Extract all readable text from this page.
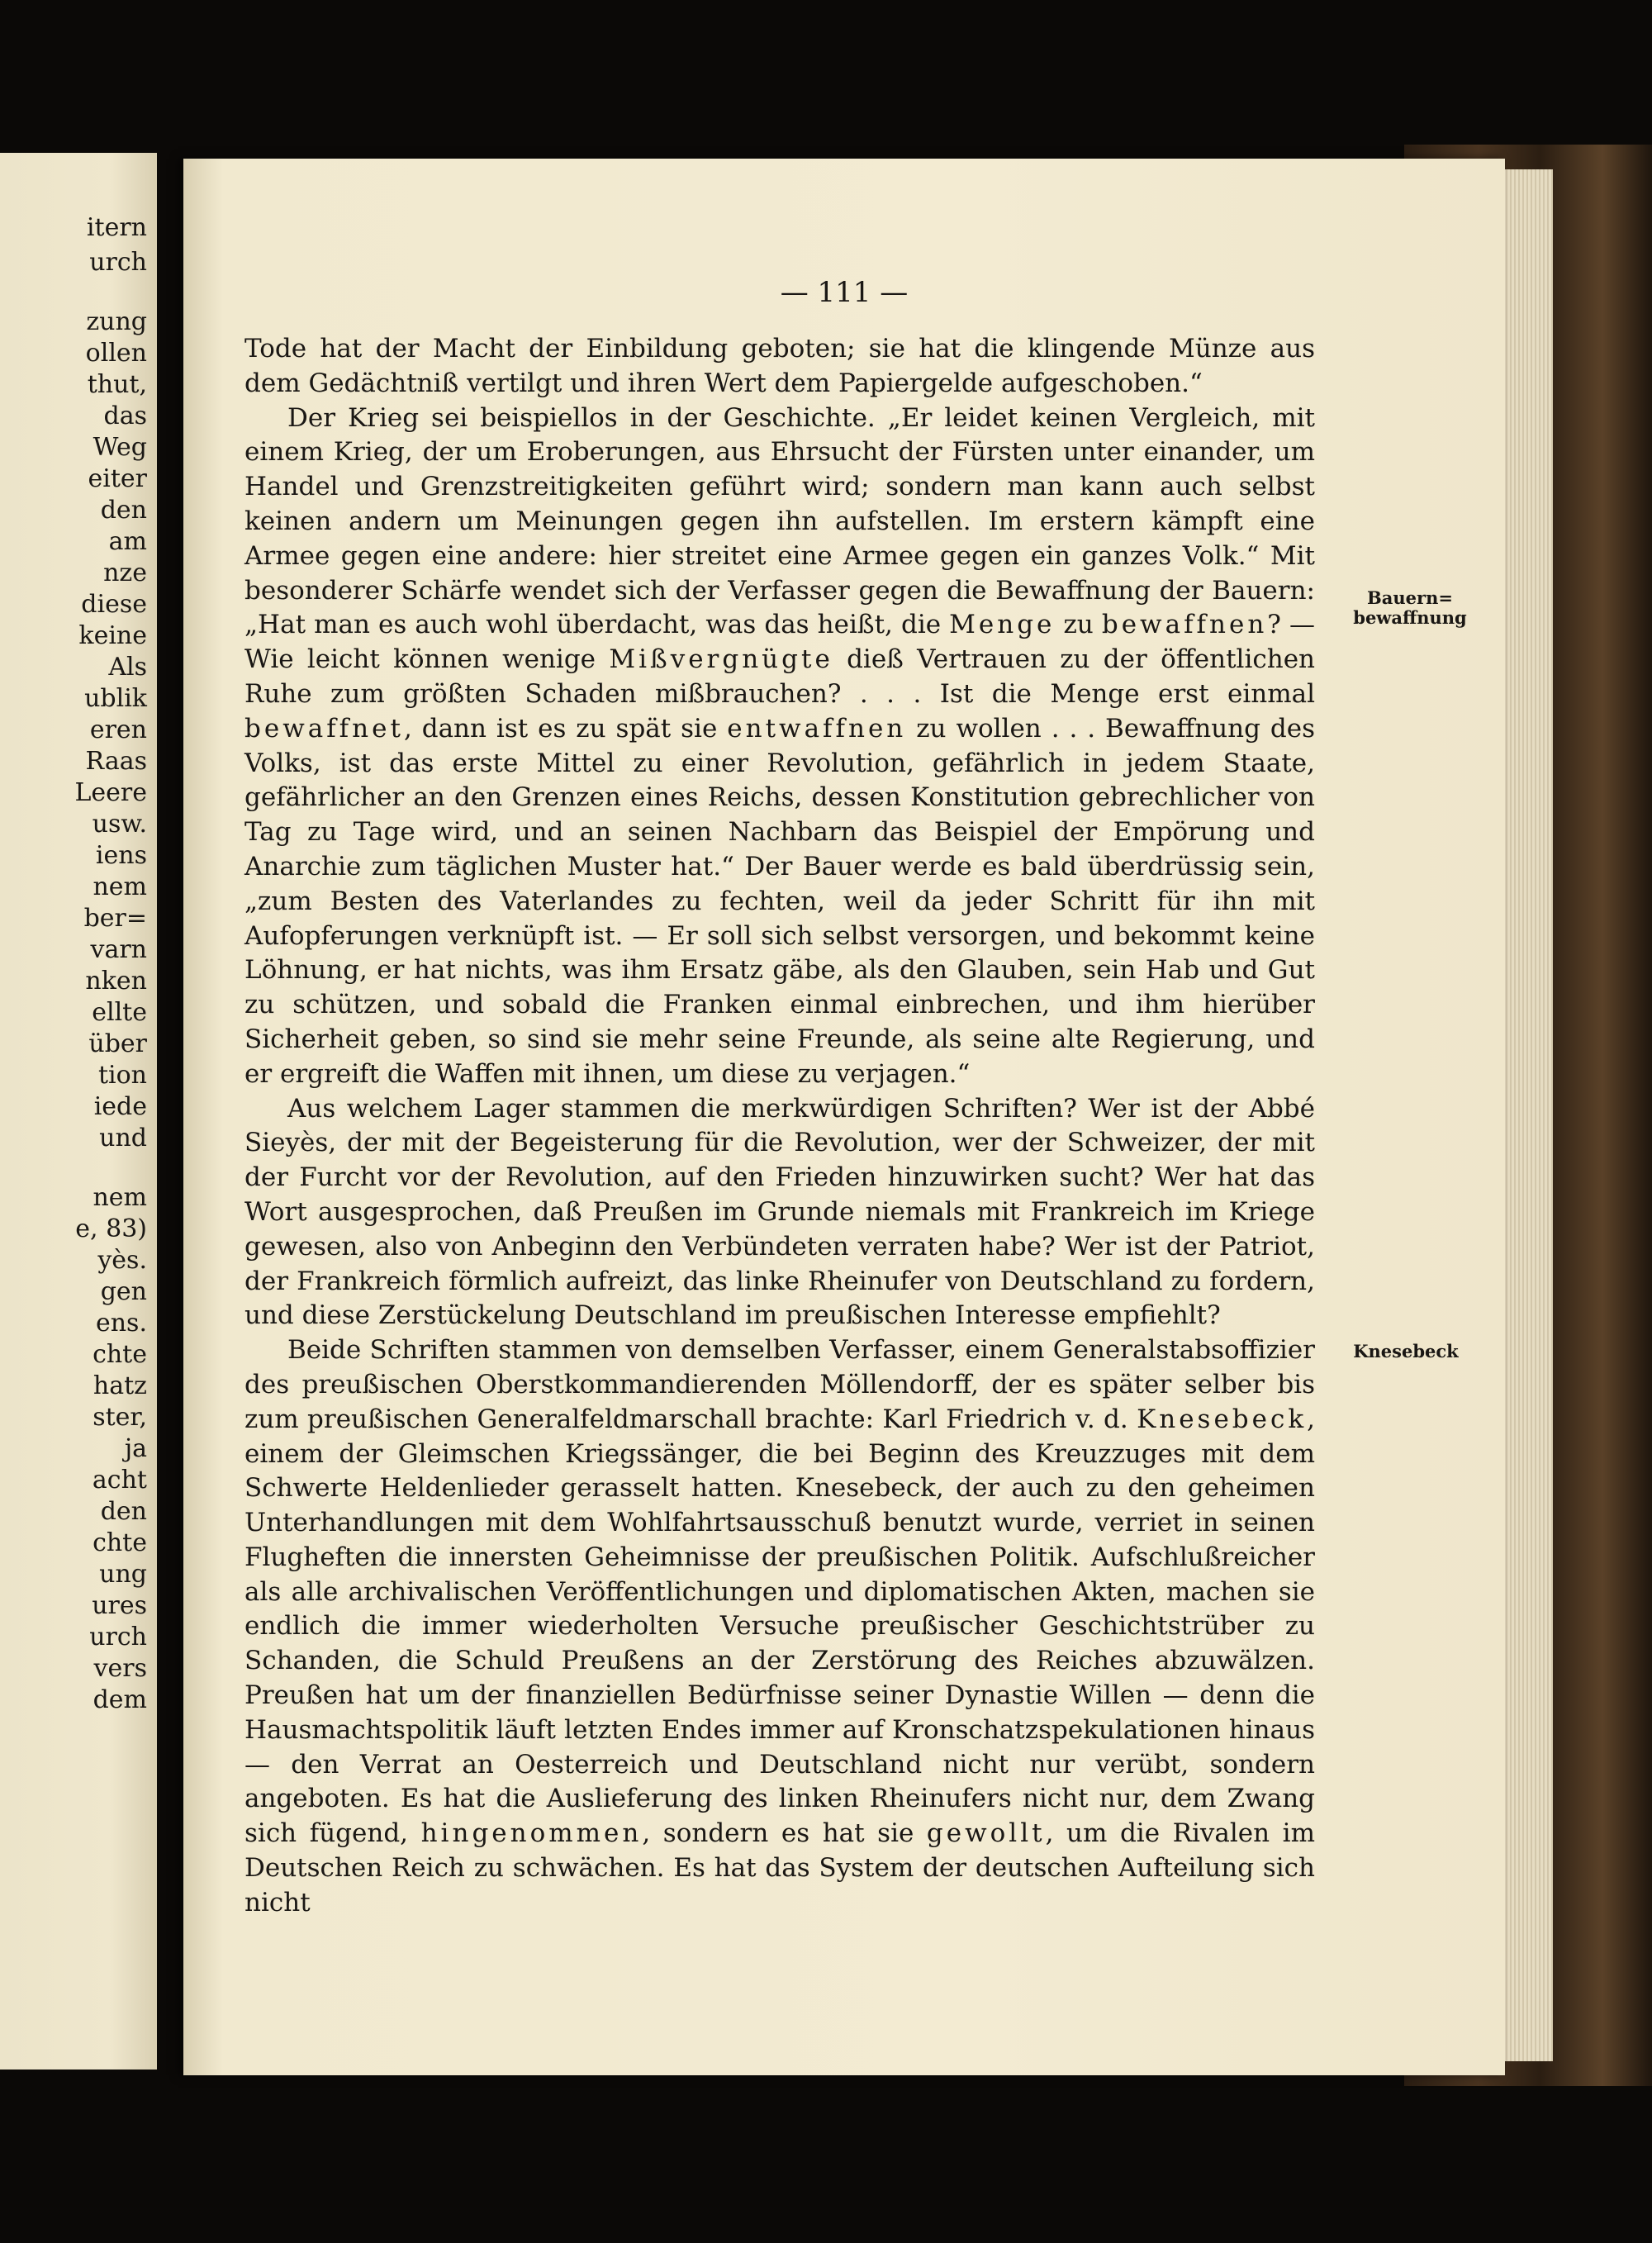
itern
urch
zung
ollen
thut,
das
Weg
eiter
den
am
nze
diese
keine
Als
ublik
eren
Raas
Leere
usw.
iens
nem
ber=
varn
nken
ellte
über
tion
iede
und
nem
e, 83)
yès.
gen
ens.
chte
hatz
ster,
ja
acht
den
chte
ung
ures
urch
vers
dem
— 111 —

Tode hat der Macht der Einbildung geboten; sie hat die klingende Münze aus dem Gedächtniß vertilgt und ihren Wert dem Papiergelde aufgeschoben.“

Der Krieg sei beispiellos in der Geschichte. „Er leidet keinen Vergleich, mit einem Krieg, der um Eroberungen, aus Ehrsucht der Fürsten unter einander, um Handel und Grenzstreitigkeiten geführt wird; sondern man kann auch selbst keinen andern um Meinungen gegen ihn aufstellen. Im erstern kämpft eine Armee gegen eine andere: hier streitet eine Armee gegen ein ganzes Volk.“ Mit besonderer Schärfe wendet sich der Verfasser gegen die Bewaffnung der Bauern: „Hat man es auch wohl überdacht, was das heißt, die Menge zu bewaffnen? — Wie leicht können wenige Mißvergnügte dieß Vertrauen zu der öffentlichen Ruhe zum größten Schaden mißbrauchen? . . . Ist die Menge erst einmal bewaffnet, dann ist es zu spät sie entwaffnen zu wollen . . . Bewaffnung des Volks, ist das erste Mittel zu einer Revolution, gefährlich in jedem Staate, gefährlicher an den Grenzen eines Reichs, dessen Konstitution gebrechlicher von Tag zu Tage wird, und an seinen Nachbarn das Beispiel der Empörung und Anarchie zum täglichen Muster hat.“ Der Bauer werde es bald überdrüssig sein, „zum Besten des Vaterlandes zu fechten, weil da jeder Schritt für ihn mit Aufopferungen verknüpft ist. — Er soll sich selbst versorgen, und bekommt keine Löhnung, er hat nichts, was ihm Ersatz gäbe, als den Glauben, sein Hab und Gut zu schützen, und sobald die Franken einmal einbrechen, und ihm hierüber Sicherheit geben, so sind sie mehr seine Freunde, als seine alte Regierung, und er ergreift die Waffen mit ihnen, um diese zu verjagen.“

Aus welchem Lager stammen die merkwürdigen Schriften? Wer ist der Abbé Sieyès, der mit der Begeisterung für die Revolution, wer der Schweizer, der mit der Furcht vor der Revolution, auf den Frieden hinzuwirken sucht? Wer hat das Wort ausgesprochen, daß Preußen im Grunde niemals mit Frankreich im Kriege gewesen, also von Anbeginn den Verbündeten verraten habe? Wer ist der Patriot, der Frankreich förmlich aufreizt, das linke Rheinufer von Deutschland zu fordern, und diese Zerstückelung Deutschland im preußischen Interesse empfiehlt?

Beide Schriften stammen von demselben Verfasser, einem Generalstabsoffizier des preußischen Oberstkommandierenden Möllendorff, der es später selber bis zum preußischen Generalfeldmarschall brachte: Karl Friedrich v. d. Knesebeck, einem der Gleimschen Kriegssänger, die bei Beginn des Kreuzzuges mit dem Schwerte Heldenlieder gerasselt hatten. Knesebeck, der auch zu den geheimen Unterhandlungen mit dem Wohlfahrtsausschuß benutzt wurde, verriet in seinen Flugheften die innersten Geheimnisse der preußischen Politik. Aufschlußreicher als alle archivalischen Veröffentlichungen und diplomatischen Akten, machen sie endlich die immer wiederholten Versuche preußischer Geschichtstrüber zu Schanden, die Schuld Preußens an der Zerstörung des Reiches abzuwälzen. Preußen hat um der finanziellen Bedürfnisse seiner Dynastie Willen — denn die Hausmachtspolitik läuft letzten Endes immer auf Kronschatzspekulationen hinaus — den Verrat an Oesterreich und Deutschland nicht nur verübt, sondern angeboten. Es hat die Auslieferung des linken Rheinufers nicht nur, dem Zwang sich fügend, hingenommen, sondern es hat sie gewollt, um die Rivalen im Deutschen Reich zu schwächen. Es hat das System der deutschen Aufteilung sich nicht

Bauern=
bewaffnung
Knesebeck
